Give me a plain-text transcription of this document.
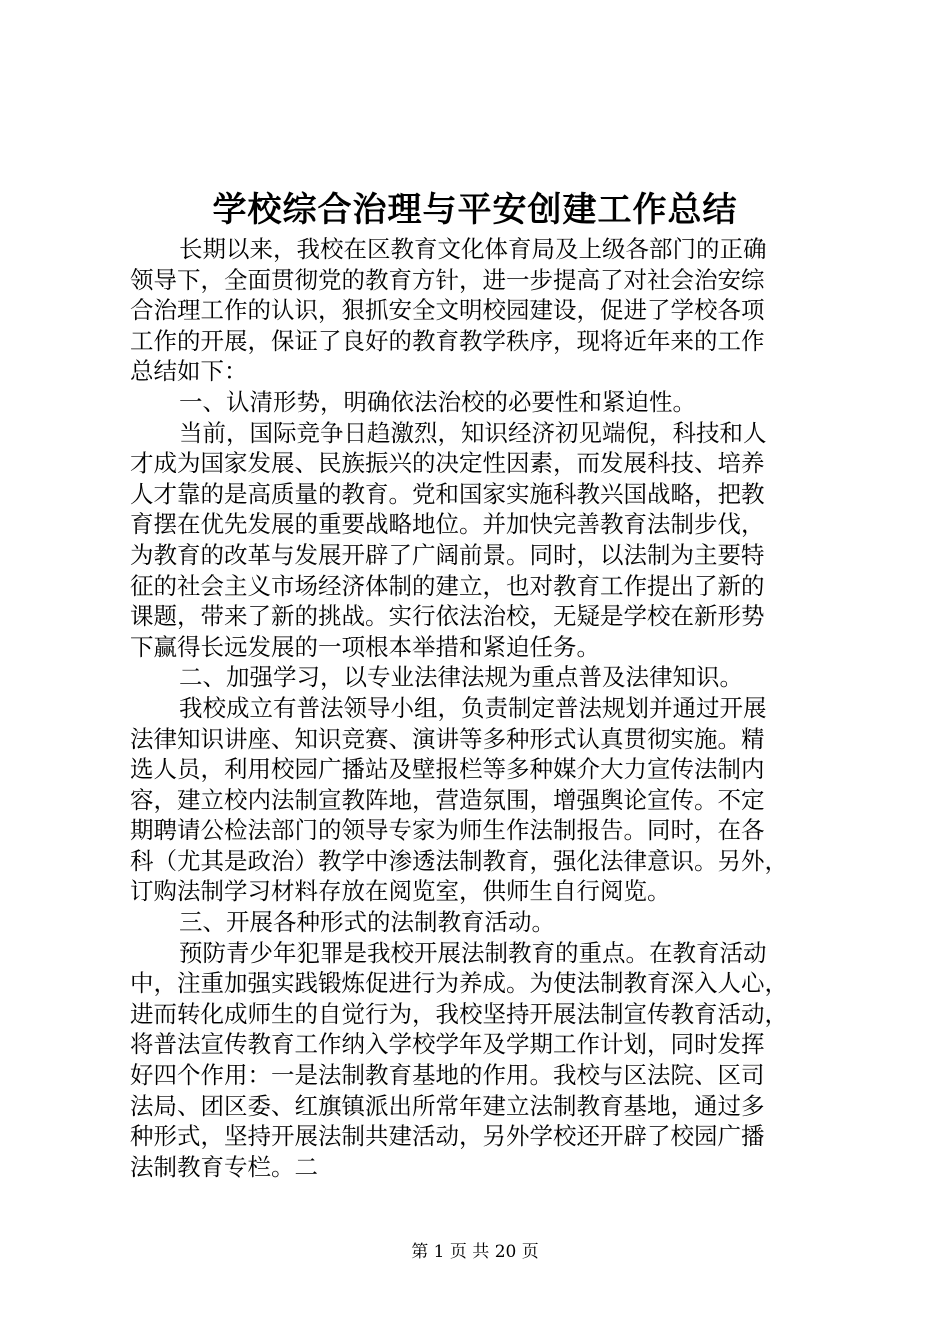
学校综合治理与平安创建工作总结
长期以来，我校在区教育文化体育局及上级各部门的正确
领导下，全面贯彻党的教育方针，进一步提高了对社会治安综
合治理工作的认识，狠抓安全文明校园建设，促进了学校各项
工作的开展，保证了良好的教育教学秩序，现将近年来的工作
总结如下：
一、认清形势，明确依法治校的必要性和紧迫性。
当前，国际竞争日趋激烈，知识经济初见端倪，科技和人
才成为国家发展、民族振兴的决定性因素，而发展科技、培养
人才靠的是高质量的教育。党和国家实施科教兴国战略，把教
育摆在优先发展的重要战略地位。并加快完善教育法制步伐，
为教育的改革与发展开辟了广阔前景。同时，以法制为主要特
征的社会主义市场经济体制的建立，也对教育工作提出了新的
课题，带来了新的挑战。实行依法治校，无疑是学校在新形势
下赢得长远发展的一项根本举措和紧迫任务。
二、加强学习，以专业法律法规为重点普及法律知识。
我校成立有普法领导小组，负责制定普法规划并通过开展
法律知识讲座、知识竞赛、演讲等多种形式认真贯彻实施。精
选人员，利用校园广播站及壁报栏等多种媒介大力宣传法制内
容，建立校内法制宣教阵地，营造氛围，增强舆论宣传。不定
期聘请公检法部门的领导专家为师生作法制报告。同时，在各
科（尤其是政治）教学中渗透法制教育，强化法律意识。另外，
订购法制学习材料存放在阅览室，供师生自行阅览。
三、开展各种形式的法制教育活动。
预防青少年犯罪是我校开展法制教育的重点。在教育活动
中，注重加强实践锻炼促进行为养成。为使法制教育深入人心，
进而转化成师生的自觉行为，我校坚持开展法制宣传教育活动，
将普法宣传教育工作纳入学校学年及学期工作计划，同时发挥
好四个作用：一是法制教育基地的作用。我校与区法院、区司
法局、团区委、红旗镇派出所常年建立法制教育基地，通过多
种形式，坚持开展法制共建活动，另外学校还开辟了校园广播
法制教育专栏。二
第 1 页 共 20 页
